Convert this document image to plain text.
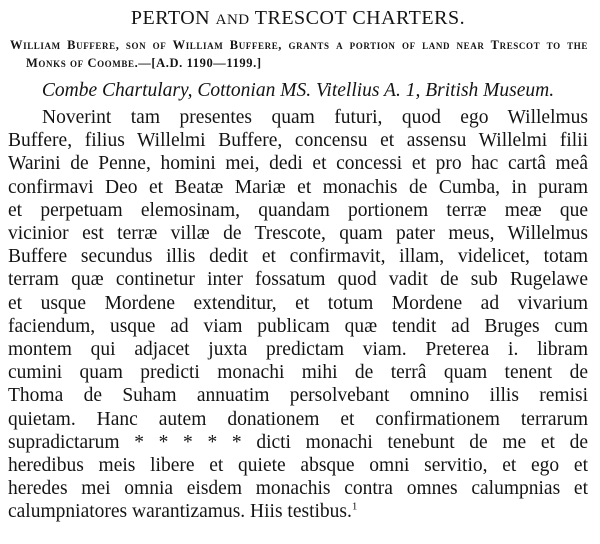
PERTON AND TRESCOT CHARTERS.
William Buffere, son of William Buffere, grants a portion of land near Trescot to the Monks of Coombe.—[A.D. 1190—1199.]
Combe Chartulary, Cottonian MS. Vitellius A. 1, British Museum.
Noverint tam presentes quam futuri, quod ego Willelmus
Buffere, filius Willelmi Buffere, concensu et assensu Willelmi filii
Warini de Penne, homini mei, dedi et concessi et pro hac cartâ meâ
confirmavi Deo et Beatæ Mariæ et monachis de Cumba, in puram
et perpetuam elemosinam, quandam portionem terræ meæ que
vicinior est terræ villæ de Trescote, quam pater meus, Willelmus
Buffere secundus illis dedit et confirmavit, illam, videlicet, totam
terram quæ continetur inter fossatum quod vadit de sub Rugelawe
et usque Mordene extenditur, et totum Mordene ad vivarium
faciendum, usque ad viam publicam quæ tendit ad Bruges cum
montem qui adjacet juxta predictam viam. Preterea i. libram
cumini quam predicti monachi mihi de terrâ quam tenent de
Thoma de Suham annuatim persolvebant omnino illis remisi
quietam. Hanc autem donationem et confirmationem terrarum
supradictarum * * * * * dicti monachi tenebunt de me et de
heredibus meis libere et quiete absque omni servitio, et ego et
heredes mei omnia eisdem monachis contra omnes calumpnias et
calumpniatores warantizamus. Hiis testibus.$^1$
